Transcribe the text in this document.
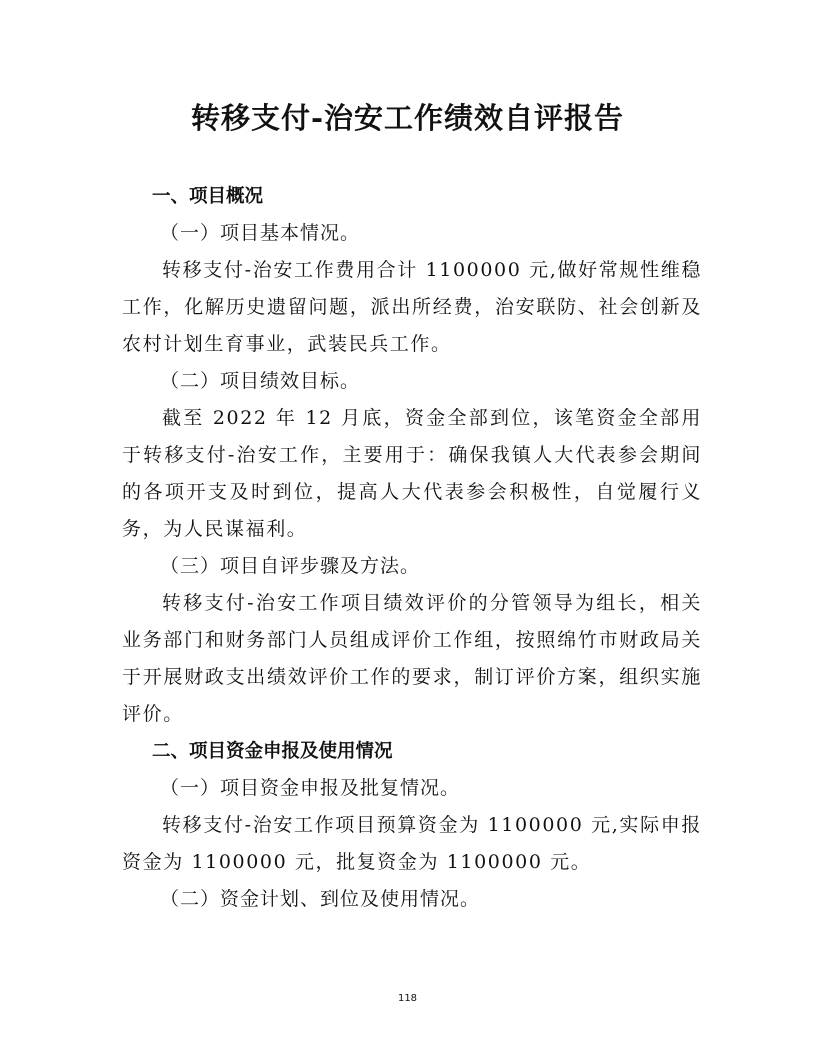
转移支付-治安工作绩效自评报告
一、项目概况
（一）项目基本情况。
转移支付-治安工作费用合计 1100000 元,做好常规性维稳工作，化解历史遗留问题，派出所经费，治安联防、社会创新及农村计划生育事业，武装民兵工作。
（二）项目绩效目标。
截至 2022 年 12 月底，资金全部到位，该笔资金全部用于转移支付-治安工作，主要用于：确保我镇人大代表参会期间的各项开支及时到位，提高人大代表参会积极性，自觉履行义务，为人民谋福利。
（三）项目自评步骤及方法。
转移支付-治安工作项目绩效评价的分管领导为组长，相关业务部门和财务部门人员组成评价工作组，按照绵竹市财政局关于开展财政支出绩效评价工作的要求，制订评价方案，组织实施评价。
二、项目资金申报及使用情况
（一）项目资金申报及批复情况。
转移支付-治安工作项目预算资金为 1100000 元,实际申报资金为 1100000 元，批复资金为 1100000 元。
（二）资金计划、到位及使用情况。
118
